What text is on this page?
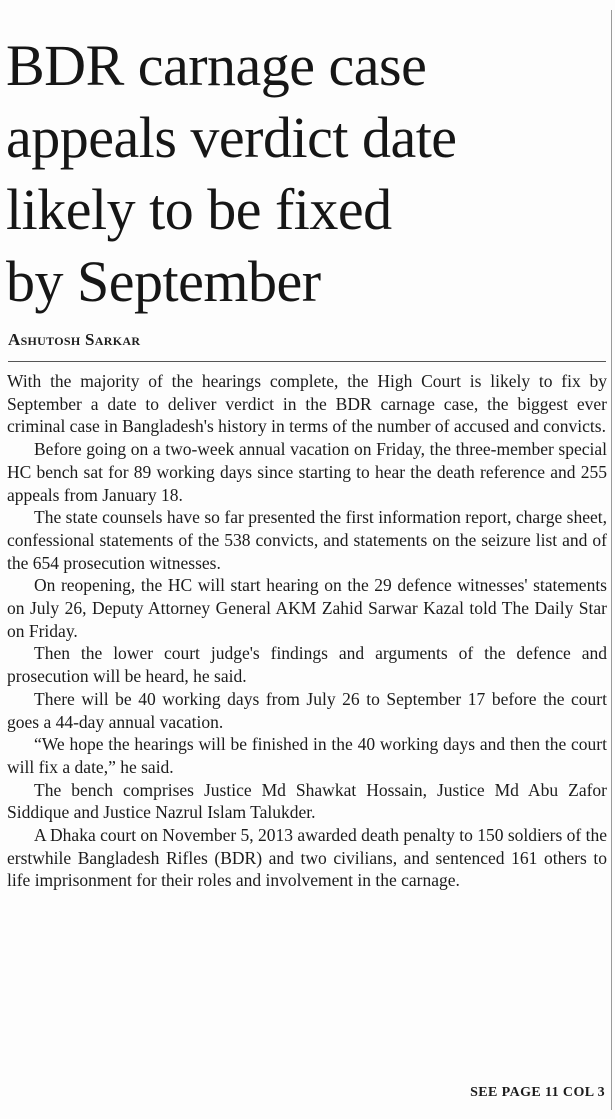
BDR carnage case
appeals verdict date
likely to be fixed
by September
Ashutosh Sarkar

With the majority of the hearings complete, the High Court is likely to fix by September a date to deliver verdict in the BDR carnage case, the biggest ever criminal case in Bangladesh's history in terms of the number of accused and convicts.

Before going on a two-week annual vacation on Friday, the three-member special HC bench sat for 89 working days since starting to hear the death reference and 255 appeals from January 18.

The state counsels have so far presented the first information report, charge sheet, confessional statements of the 538 convicts, and statements on the seizure list and of the 654 prosecution witnesses.

On reopening, the HC will start hearing on the 29 defence witnesses' statements on July 26, Deputy Attorney General AKM Zahid Sarwar Kazal told The Daily Star on Friday.

Then the lower court judge's findings and arguments of the defence and prosecution will be heard, he said.

There will be 40 working days from July 26 to September 17 before the court goes a 44-day annual vacation.

“We hope the hearings will be finished in the 40 working days and then the court will fix a date,” he said.

The bench comprises Justice Md Shawkat Hossain, Justice Md Abu Zafor Siddique and Justice Nazrul Islam Talukder.

A Dhaka court on November 5, 2013 awarded death penalty to 150 soldiers of the erstwhile Bangladesh Rifles (BDR) and two civilians, and sentenced 161 others to life imprisonment for their roles and involvement in the carnage.

SEE PAGE 11 COL 3
